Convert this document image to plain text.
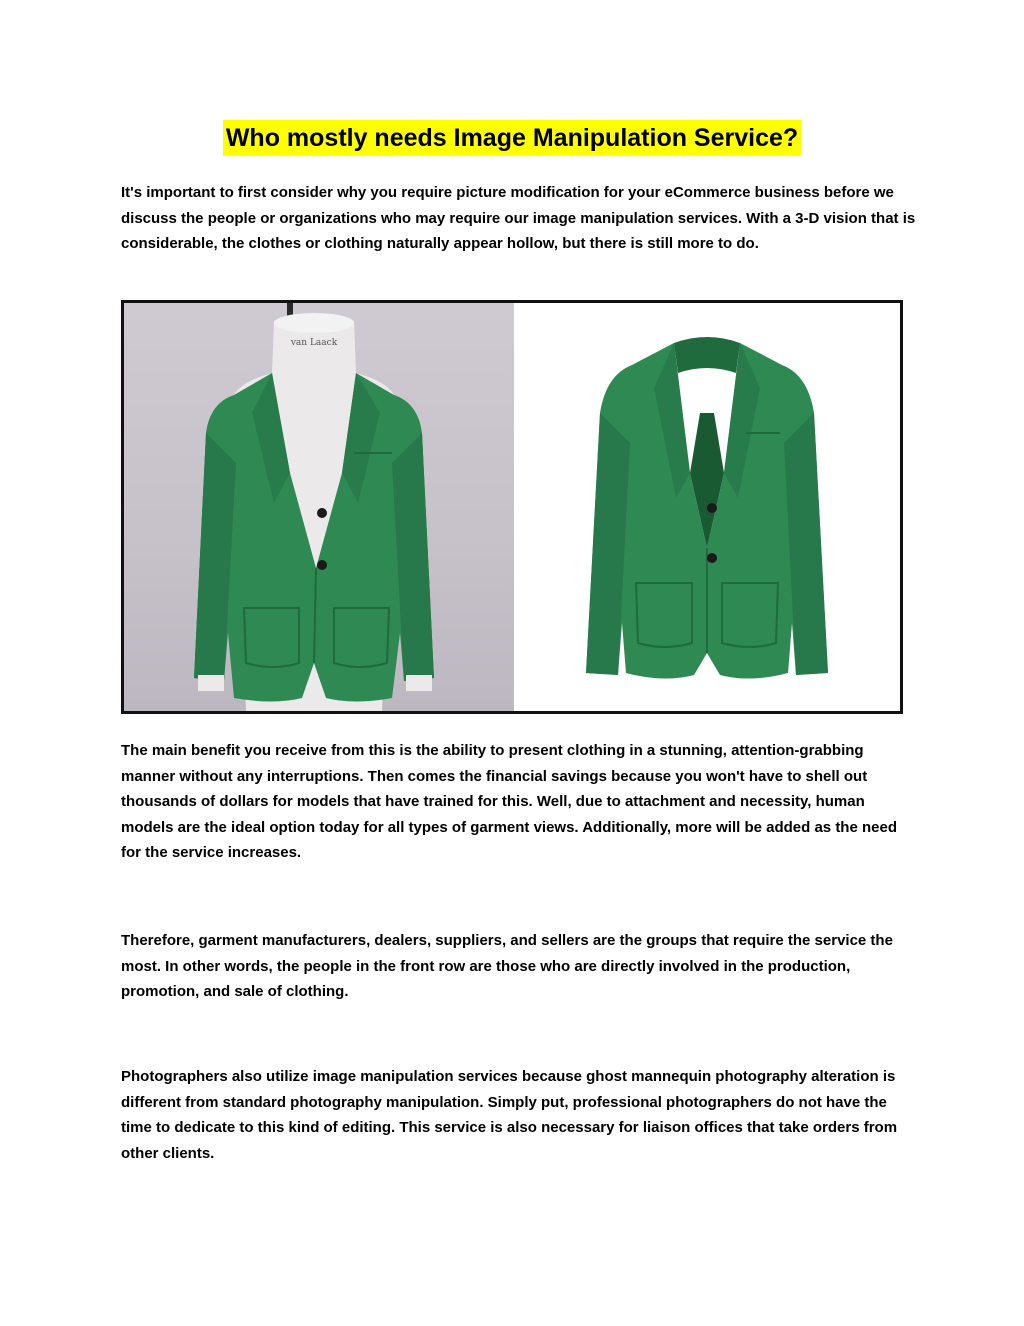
Who mostly needs Image Manipulation Service?

It's important to first consider why you require picture modification for your eCommerce business before we discuss the people or organizations who may require our image manipulation services. With a 3-D vision that is considerable, the clothes or clothing naturally appear hollow, but there is still more to do.

van Laack

The main benefit you receive from this is the ability to present clothing in a stunning, attention-grabbing manner without any interruptions. Then comes the financial savings because you won't have to shell out thousands of dollars for models that have trained for this. Well, due to attachment and necessity, human models are the ideal option today for all types of garment views. Additionally, more will be added as the need for the service increases.

Therefore, garment manufacturers, dealers, suppliers, and sellers are the groups that require the service the most. In other words, the people in the front row are those who are directly involved in the production, promotion, and sale of clothing.

Photographers also utilize image manipulation services because ghost mannequin photography alteration is different from standard photography manipulation. Simply put, professional photographers do not have the time to dedicate to this kind of editing. This service is also necessary for liaison offices that take orders from other clients.
